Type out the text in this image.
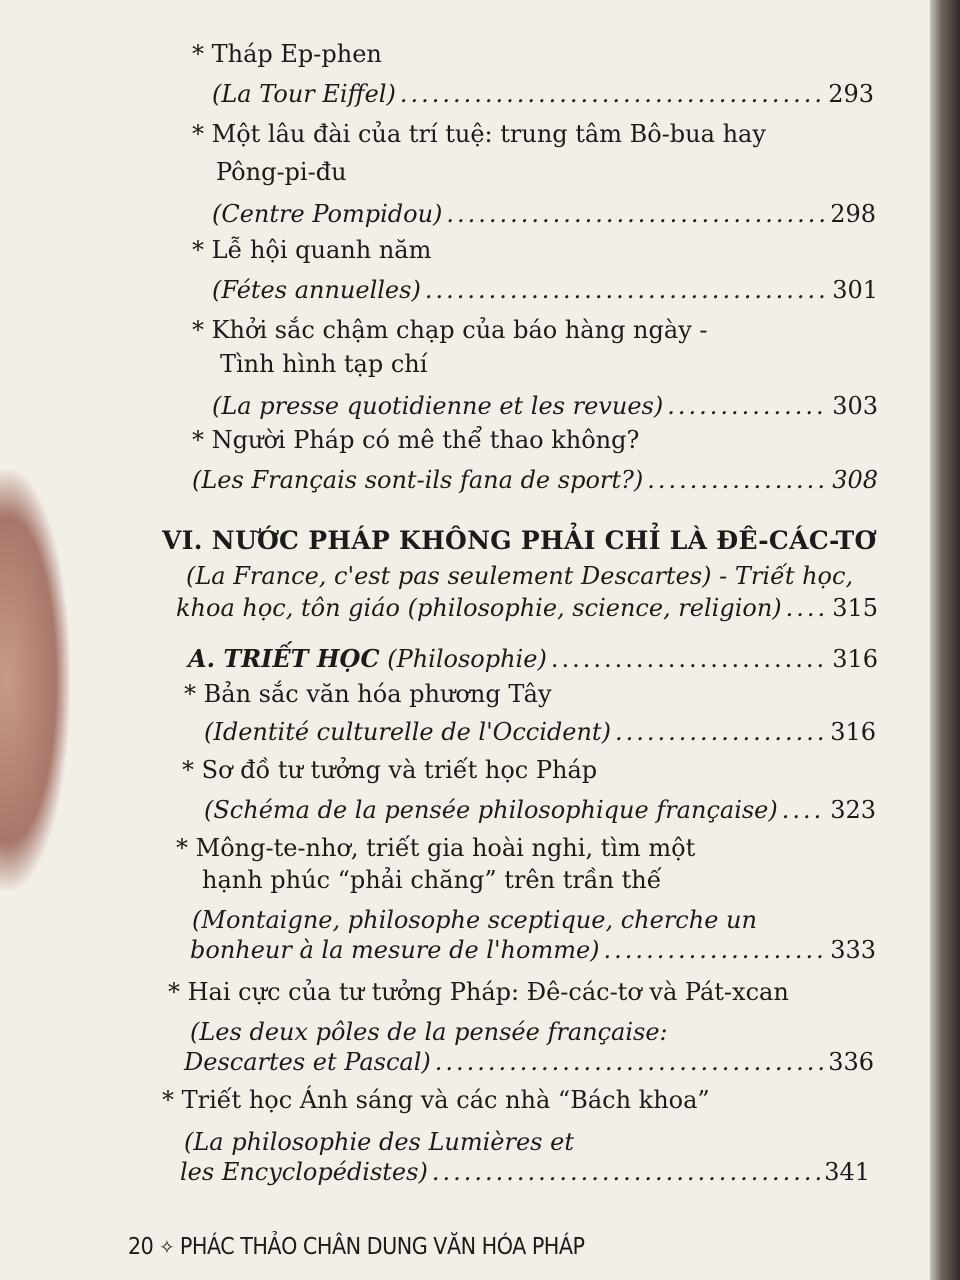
* Tháp Ep-phen
(La Tour Eiffel) .....	293
* Một lâu đài của trí tuệ: trung tâm Bô-bua hay
Pông-pi-đu
(Centre Pompidou) .....	298
* Lễ hội quanh năm
(Fétes annuelles) .....	301
* Khởi sắc chậm chạp của báo hàng ngày -
Tình hình tạp chí
(La presse quotidienne et les revues) .....	303
* Người Pháp có mê thể thao không?
(Les Français sont-ils fana de sport?) .....	308
VI. NƯỚC PHÁP KHÔNG PHẢI CHỈ LÀ ĐÊ-CÁC-TƠ
(La France, c'est pas seulement Descartes) - Triết học,
khoa học, tôn giáo (philosophie, science, religion) ..... 315
A. TRIẾT HỌC (Philosophie) .....	316
* Bản sắc văn hóa phương Tây
(Identité culturelle de l'Occident) .....	316
* Sơ đồ tư tưởng và triết học Pháp
(Schéma de la pensée philosophique française) ..... 323
* Mông-te-nhơ, triết gia hoài nghi, tìm một
hạnh phúc “phải chăng” trên trần thế
(Montaigne, philosophe sceptique, cherche un
bonheur à la mesure de l'homme) .....	333
* Hai cực của tư tưởng Pháp: Đê-các-tơ và Pát-xcan
(Les deux pôles de la pensée française:
Descartes et Pascal) .....	336
* Triết học Ánh sáng và các nhà “Bách khoa”
(La philosophie des Lumières et
les Encyclopédistes) .....	341
20 ✧ PHÁC THẢO CHÂN DUNG VĂN HÓA PHÁP
